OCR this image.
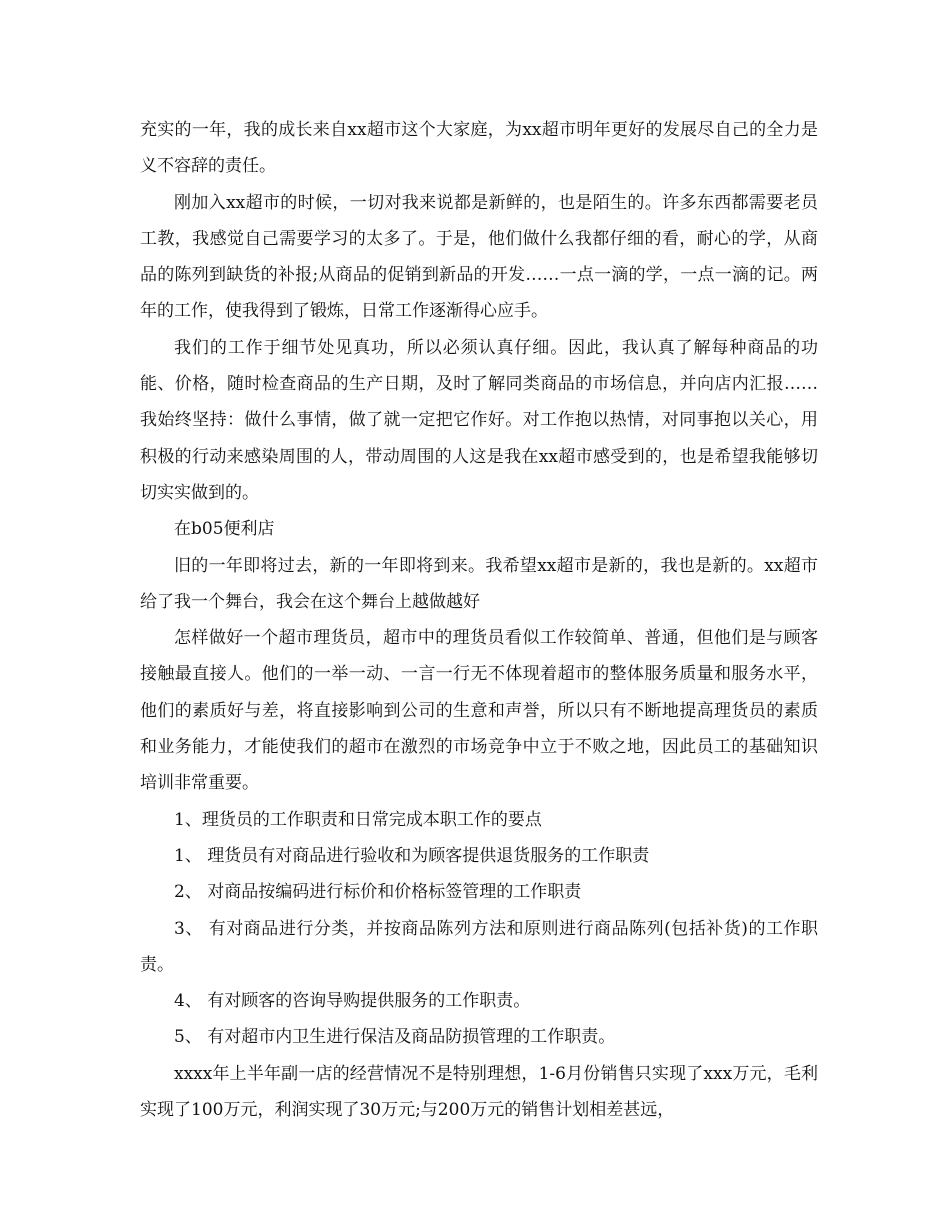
充实的一年，我的成长来自xx超市这个大家庭，为xx超市明年更好的发展尽自己的全力是义不容辞的责任。

刚加入xx超市的时候，一切对我来说都是新鲜的，也是陌生的。许多东西都需要老员工教，我感觉自己需要学习的太多了。于是，他们做什么我都仔细的看，耐心的学，从商品的陈列到缺货的补报;从商品的促销到新品的开发……一点一滴的学，一点一滴的记。两年的工作，使我得到了锻炼，日常工作逐渐得心应手。

我们的工作于细节处见真功，所以必须认真仔细。因此，我认真了解每种商品的功能、价格，随时检查商品的生产日期，及时了解同类商品的市场信息，并向店内汇报……我始终坚持：做什么事情，做了就一定把它作好。对工作抱以热情，对同事抱以关心，用积极的行动来感染周围的人，带动周围的人这是我在xx超市感受到的，也是希望我能够切切实实做到的。

在b05便利店

旧的一年即将过去，新的一年即将到来。我希望xx超市是新的，我也是新的。xx超市给了我一个舞台，我会在这个舞台上越做越好

怎样做好一个超市理货员，超市中的理货员看似工作较简单、普通，但他们是与顾客接触最直接人。他们的一举一动、一言一行无不体现着超市的整体服务质量和服务水平，他们的素质好与差，将直接影响到公司的生意和声誉，所以只有不断地提高理货员的素质和业务能力，才能使我们的超市在激烈的市场竞争中立于不败之地，因此员工的基础知识培训非常重要。

1、理货员的工作职责和日常完成本职工作的要点

1、 理货员有对商品进行验收和为顾客提供退货服务的工作职责

2、 对商品按编码进行标价和价格标签管理的工作职责

3、 有对商品进行分类，并按商品陈列方法和原则进行商品陈列(包括补货)的工作职责。

4、 有对顾客的咨询导购提供服务的工作职责。

5、 有对超市内卫生进行保洁及商品防损管理的工作职责。

xxxx年上半年副一店的经营情况不是特别理想，1-6月份销售只实现了xxx万元，毛利实现了100万元，利润实现了30万元;与200万元的销售计划相差甚远，
